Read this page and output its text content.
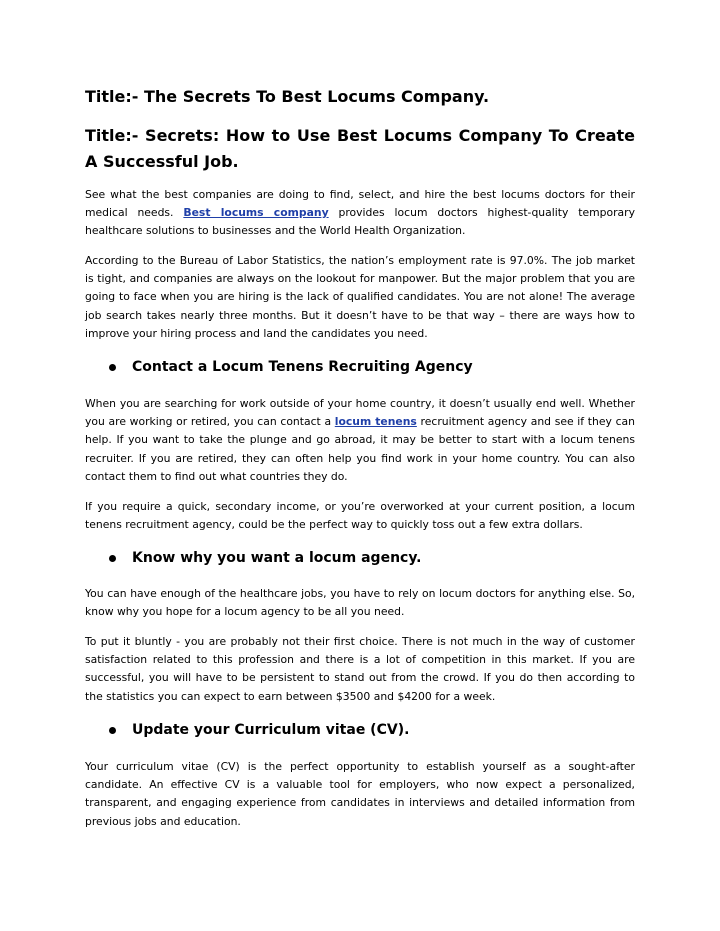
Title:- The Secrets To Best Locums Company.
Title:- Secrets: How to Use Best Locums Company To Create A Successful Job.
See what the best companies are doing to find, select, and hire the best locums doctors for their medical needs. Best locums company provides locum doctors highest-quality temporary healthcare solutions to businesses and the World Health Organization.
According to the Bureau of Labor Statistics, the nation’s employment rate is 97.0%. The job market is tight, and companies are always on the lookout for manpower. But the major problem that you are going to face when you are hiring is the lack of qualified candidates. You are not alone! The average job search takes nearly three months. But it doesn’t have to be that way – there are ways how to improve your hiring process and land the candidates you need.
Contact a Locum Tenens Recruiting Agency
When you are searching for work outside of your home country, it doesn’t usually end well. Whether you are working or retired, you can contact a locum tenens recruitment agency and see if they can help. If you want to take the plunge and go abroad, it may be better to start with a locum tenens recruiter. If you are retired, they can often help you find work in your home country. You can also contact them to find out what countries they do.
If you require a quick, secondary income, or you’re overworked at your current position, a locum tenens recruitment agency, could be the perfect way to quickly toss out a few extra dollars.
Know why you want a locum agency.
You can have enough of the healthcare jobs, you have to rely on locum doctors for anything else. So, know why you hope for a locum agency to be all you need.
To put it bluntly - you are probably not their first choice. There is not much in the way of customer satisfaction related to this profession and there is a lot of competition in this market. If you are successful, you will have to be persistent to stand out from the crowd. If you do then according to the statistics you can expect to earn between $3500 and $4200 for a week.
Update your Curriculum vitae (CV).
Your curriculum vitae (CV) is the perfect opportunity to establish yourself as a sought-after candidate. An effective CV is a valuable tool for employers, who now expect a personalized, transparent, and engaging experience from candidates in interviews and detailed information from previous jobs and education.
